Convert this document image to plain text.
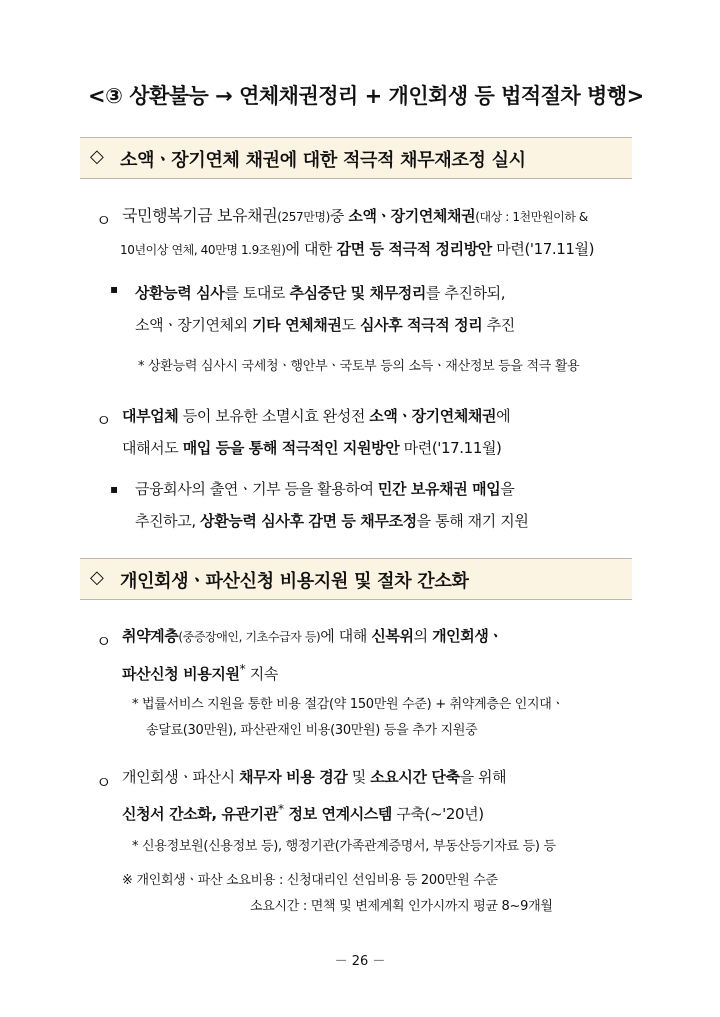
<③ 상환불능 → 연체채권정리 + 개인회생 등 법적절차 병행>
◇ 소액ㆍ장기연체 채권에 대한 적극적 채무재조정 실시
ㅇ 국민행복기금 보유채권(257만명)중 소액ㆍ장기연체채권(대상 : 1천만원이하 &
10년이상 연체, 40만명 1.9조원)에 대한 감면 등 적극적 정리방안 마련('17.11월)
▪ 상환능력 심사를 토대로 추심중단 및 채무정리를 추진하되,
소액ㆍ장기연체외 기타 연체채권도 심사후 적극적 정리 추진
* 상환능력 심사시 국세청ㆍ행안부ㆍ국토부 등의 소득ㆍ재산정보 등을 적극 활용
ㅇ 대부업체 등이 보유한 소멸시효 완성전 소액ㆍ장기연체채권에
대해서도 매입 등을 통해 적극적인 지원방안 마련('17.11월)
▪ 금융회사의 출연ㆍ기부 등을 활용하여 민간 보유채권 매입을
추진하고, 상환능력 심사후 감면 등 채무조정을 통해 재기 지원
◇ 개인회생ㆍ파산신청 비용지원 및 절차 간소화
ㅇ 취약계층(중증장애인, 기초수급자 등)에 대해 신복위의 개인회생ㆍ
파산신청 비용지원* 지속
* 법률서비스 지원을 통한 비용 절감(약 150만원 수준) + 취약계층은 인지대ㆍ
송달료(30만원), 파산관재인 비용(30만원) 등을 추가 지원중
ㅇ 개인회생ㆍ파산시 채무자 비용 경감 및 소요시간 단축을 위해
신청서 간소화, 유관기관* 정보 연계시스템 구축(~'20년)
* 신용정보원(신용정보 등), 행정기관(가족관계증명서, 부동산등기자료 등) 등
※ 개인회생ㆍ파산 소요비용 : 신청대리인 선임비용 등 200만원 수준
소요시간 : 면책 및 변제계획 인가시까지 평균 8~9개월
－ 26 －
